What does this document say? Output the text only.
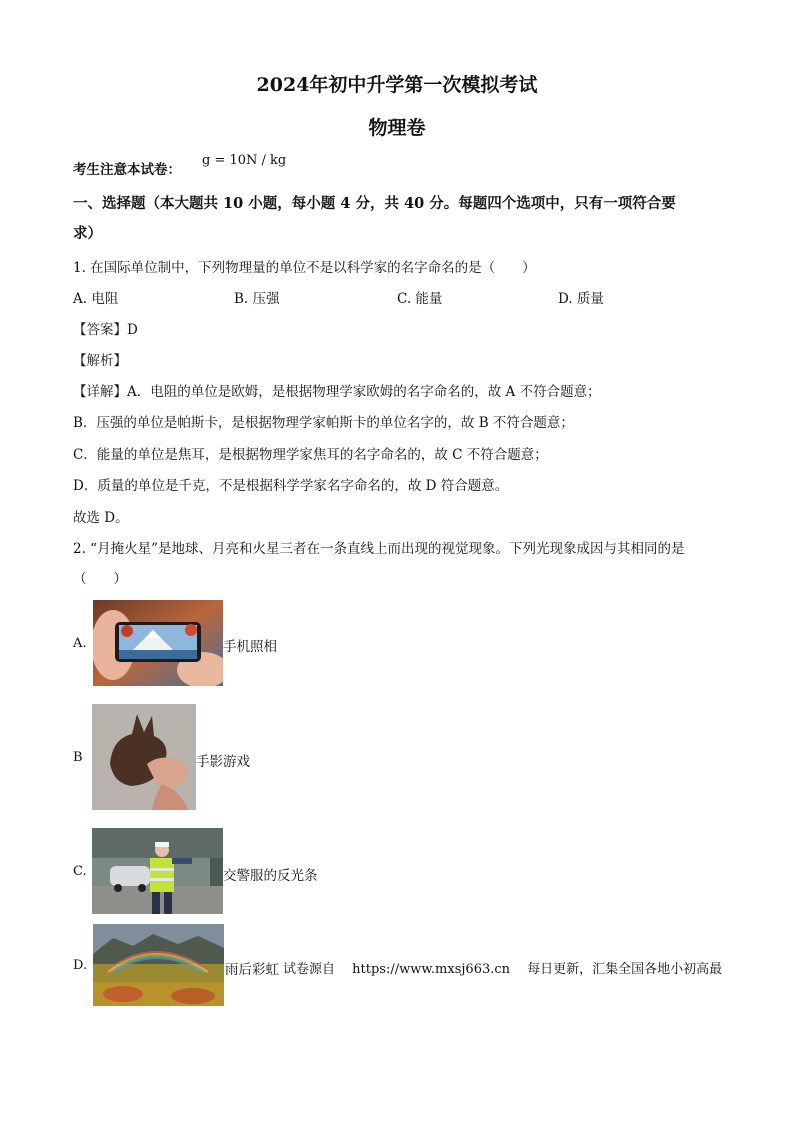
2024年初中升学第一次模拟考试
物理卷
考生注意本试卷：
g = 10N / kg
一、选择题（本大题共 10 小题，每小题 4 分，共 40 分。每题四个选项中，只有一项符合要
求）
1. 在国际单位制中，下列物理量的单位不是以科学家的名字命名的是（　　）
A. 电阻	B. 压强	C. 能量	D. 质量
【答案】D
【解析】
【详解】A．电阻的单位是欧姆，是根据物理学家欧姆的名字命名的，故 A 不符合题意；
B．压强的单位是帕斯卡，是根据物理学家帕斯卡的单位名字的，故 B 不符合题意；
C．能量的单位是焦耳，是根据物理学家焦耳的名字命名的，故 C 不符合题意；
D．质量的单位是千克，不是根据科学学家名字命名的，故 D 符合题意。
故选 D。
2. “月掩火星”是地球、月亮和火星三者在一条直线上而出现的视觉现象。下列光现象成因与其相同的是
（　　）
A.	手机照相
B	手影游戏
C.	交警服的反光条
D.	雨后彩虹 试卷源自　 https://www.mxsj663.cn　 每日更新，汇集全国各地小初高最
